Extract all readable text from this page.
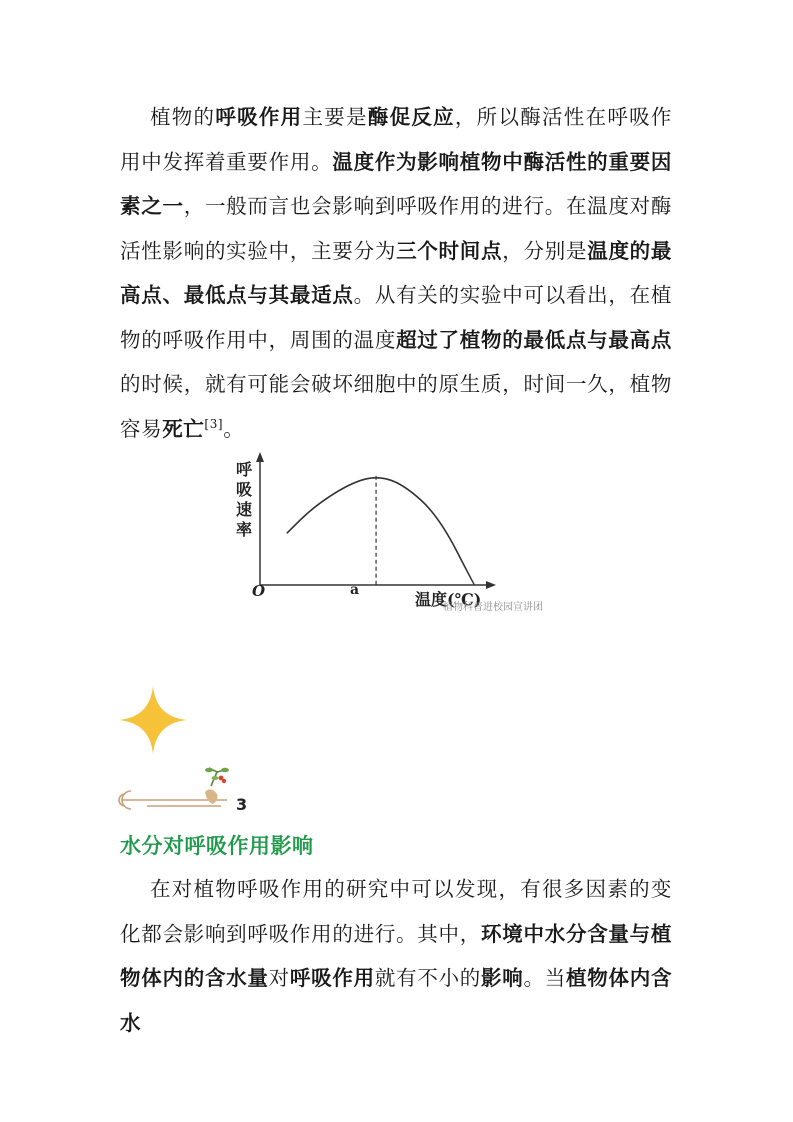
植物的呼吸作用主要是酶促反应，所以酶活性在呼吸作用中发挥着重要作用。温度作为影响植物中酶活性的重要因素之一，一般而言也会影响到呼吸作用的进行。在温度对酶活性影响的实验中，主要分为三个时间点，分别是温度的最高点、最低点与其最适点。从有关的实验中可以看出，在植物的呼吸作用中，周围的温度超过了植物的最低点与最高点的时候，就有可能会破坏细胞中的原生质，时间一久，植物容易死亡[3]。

呼吸速率
O	a	温度(℃)
植物科普进校园宣讲团
3
水分对呼吸作用影响

在对植物呼吸作用的研究中可以发现，有很多因素的变化都会影响到呼吸作用的进行。其中，环境中水分含量与植物体内的含水量对呼吸作用就有不小的影响。当植物体内含水
